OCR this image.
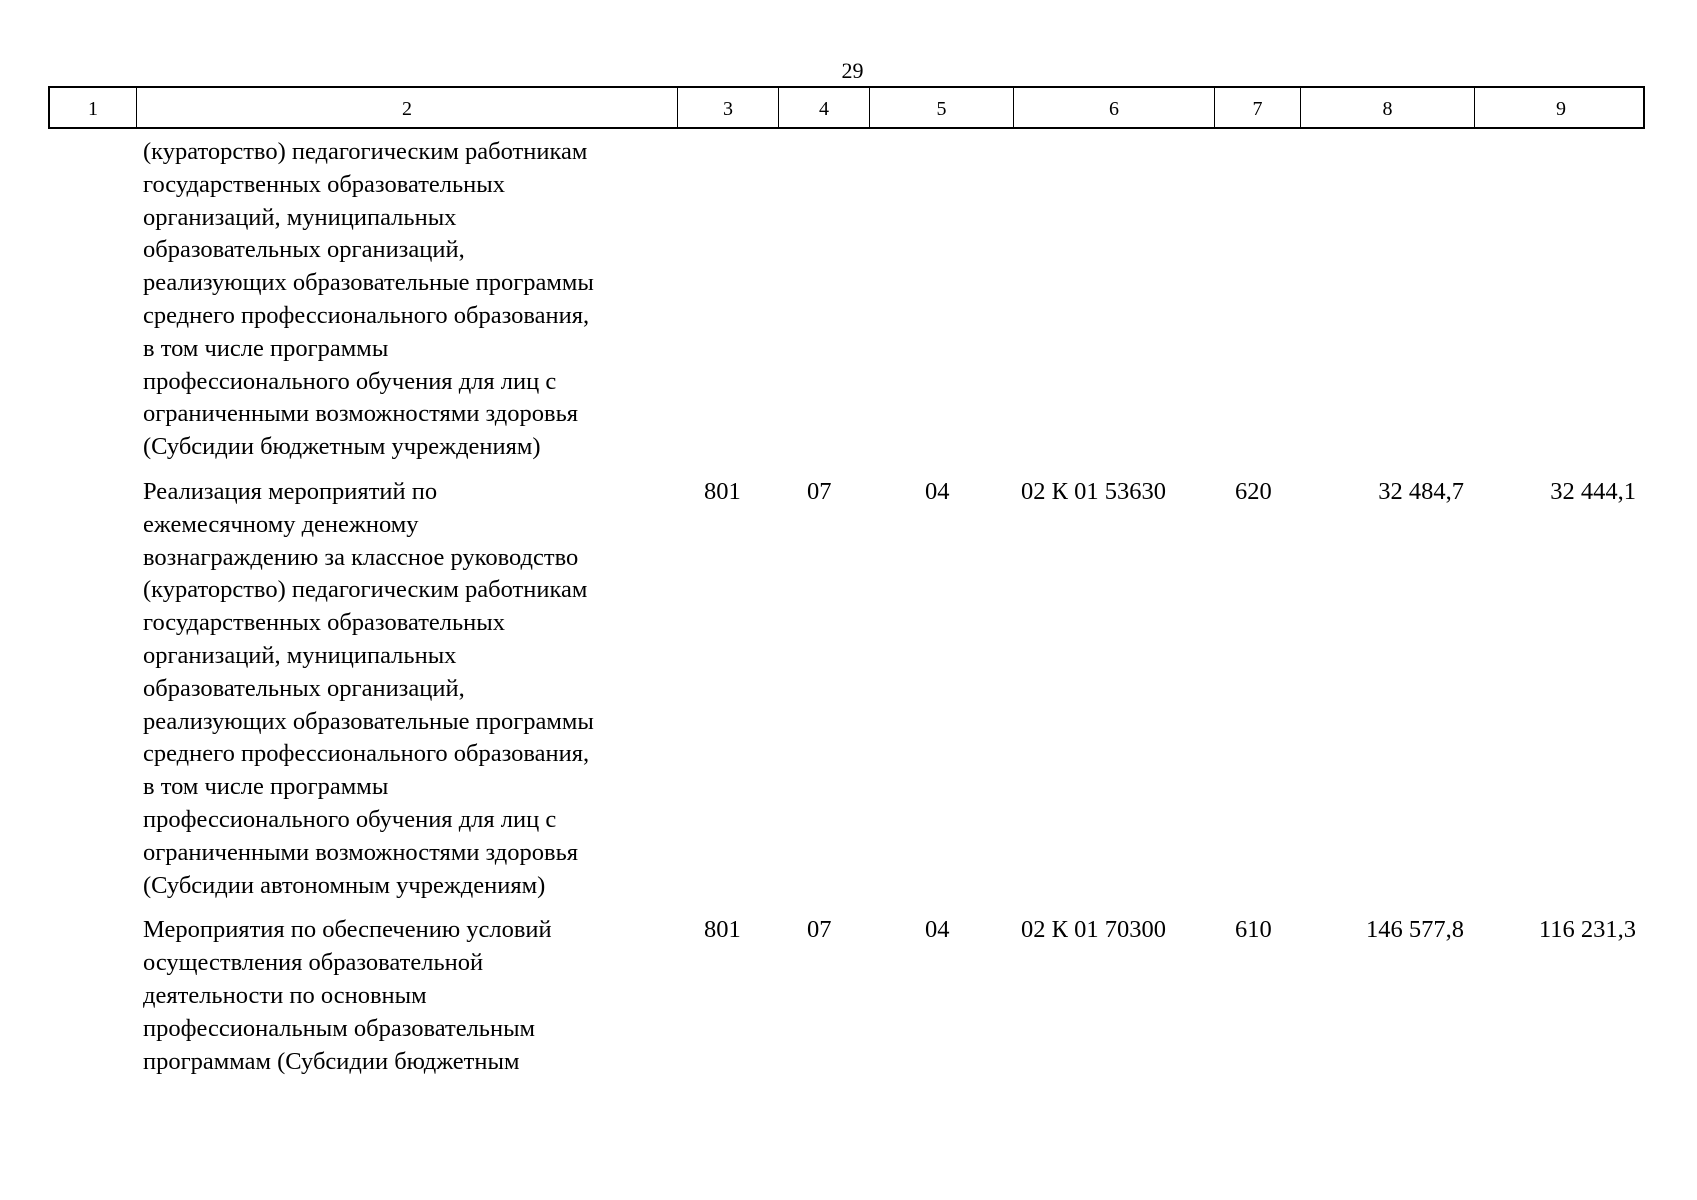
29
1	2	3	4	5	6	7	8	9
(кураторство) педагогическим работникам
государственных образовательных
организаций, муниципальных
образовательных организаций,
реализующих образовательные программы
среднего профессионального образования,
в том числе программы
профессионального обучения для лиц с
ограниченными возможностями здоровья
(Субсидии бюджетным учреждениям)
Реализация мероприятий по
ежемесячному денежному
вознаграждению за классное руководство
(кураторство) педагогическим работникам
государственных образовательных
организаций, муниципальных
образовательных организаций,
реализующих образовательные программы
среднего профессионального образования,
в том числе программы
профессионального обучения для лиц с
ограниченными возможностями здоровья
(Субсидии автономным учреждениям)
801	07	04	02 К 01 53630	620	32 484,7	32 444,1
Мероприятия по обеспечению условий
осуществления образовательной
деятельности по основным
профессиональным образовательным
программам (Субсидии бюджетным
801	07	04	02 К 01 70300	610	146 577,8	116 231,3
